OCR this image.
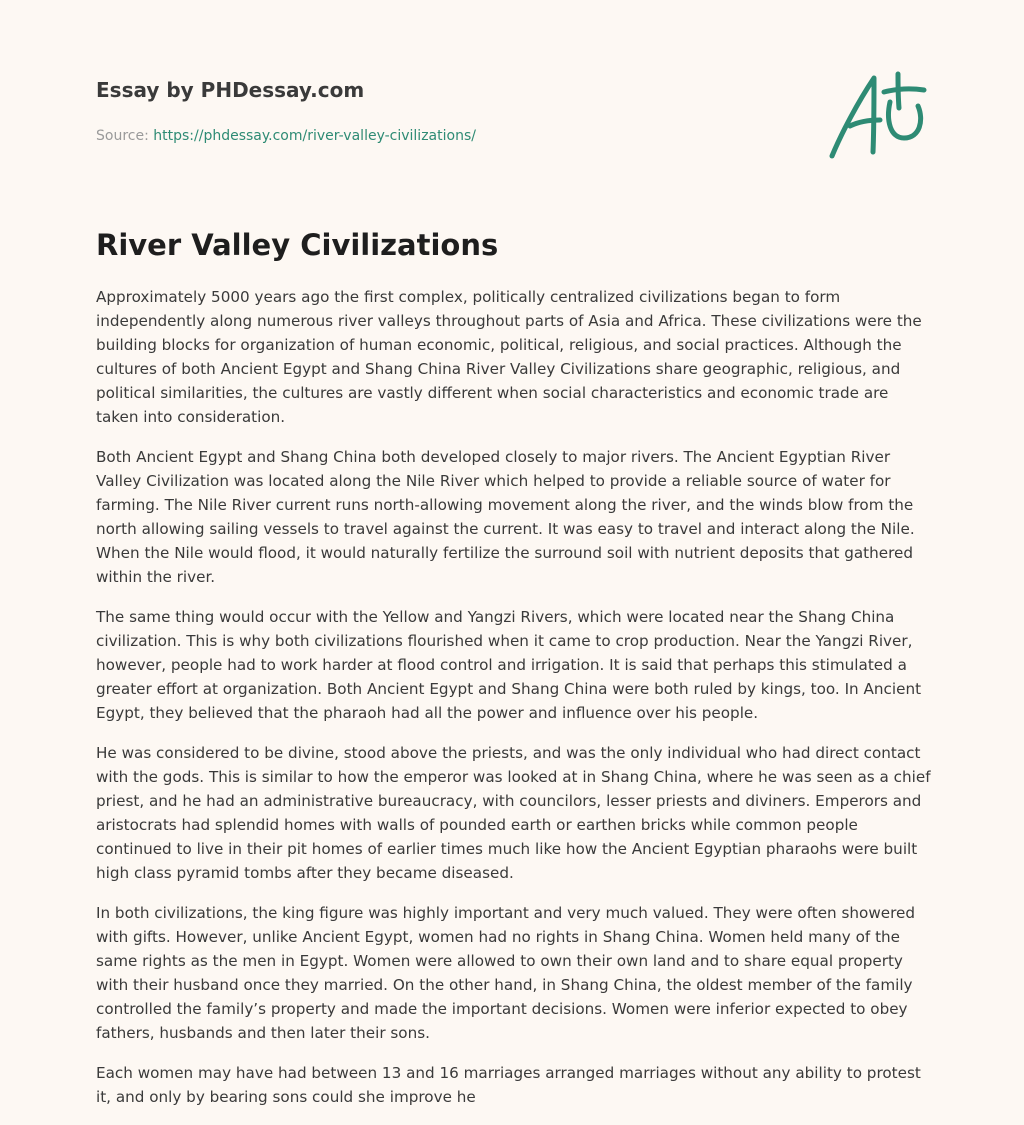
Essay by PHDessay.com
Source: https://phdessay.com/river-valley-civilizations/
River Valley Civilizations

Approximately 5000 years ago the first complex, politically centralized civilizations began to form independently along numerous river valleys throughout parts of Asia and Africa. These civilizations were the building blocks for organization of human economic, political, religious, and social practices. Although the cultures of both Ancient Egypt and Shang China River Valley Civilizations share geographic, religious, and political similarities, the cultures are vastly different when social characteristics and economic trade are taken into consideration.

Both Ancient Egypt and Shang China both developed closely to major rivers. The Ancient Egyptian River Valley Civilization was located along the Nile River which helped to provide a reliable source of water for farming. The Nile River current runs north-allowing movement along the river, and the winds blow from the north allowing sailing vessels to travel against the current. It was easy to travel and interact along the Nile. When the Nile would flood, it would naturally fertilize the surround soil with nutrient deposits that gathered within the river.

The same thing would occur with the Yellow and Yangzi Rivers, which were located near the Shang China civilization. This is why both civilizations flourished when it came to crop production. Near the Yangzi River, however, people had to work harder at flood control and irrigation. It is said that perhaps this stimulated a greater effort at organization. Both Ancient Egypt and Shang China were both ruled by kings, too. In Ancient Egypt, they believed that the pharaoh had all the power and influence over his people.

He was considered to be divine, stood above the priests, and was the only individual who had direct contact with the gods. This is similar to how the emperor was looked at in Shang China, where he was seen as a chief priest, and he had an administrative bureaucracy, with councilors, lesser priests and diviners. Emperors and aristocrats had splendid homes with walls of pounded earth or earthen bricks while common people continued to live in their pit homes of earlier times much like how the Ancient Egyptian pharaohs were built high class pyramid tombs after they became diseased.

In both civilizations, the king figure was highly important and very much valued. They were often showered with gifts. However, unlike Ancient Egypt, women had no rights in Shang China. Women held many of the same rights as the men in Egypt. Women were allowed to own their own land and to share equal property with their husband once they married. On the other hand, in Shang China, the oldest member of the family controlled the family’s property and made the important decisions. Women were inferior expected to obey fathers, husbands and then later their sons.

Each women may have had between 13 and 16 marriages arranged marriages without any ability to protest it, and only by bearing sons could she improve he
